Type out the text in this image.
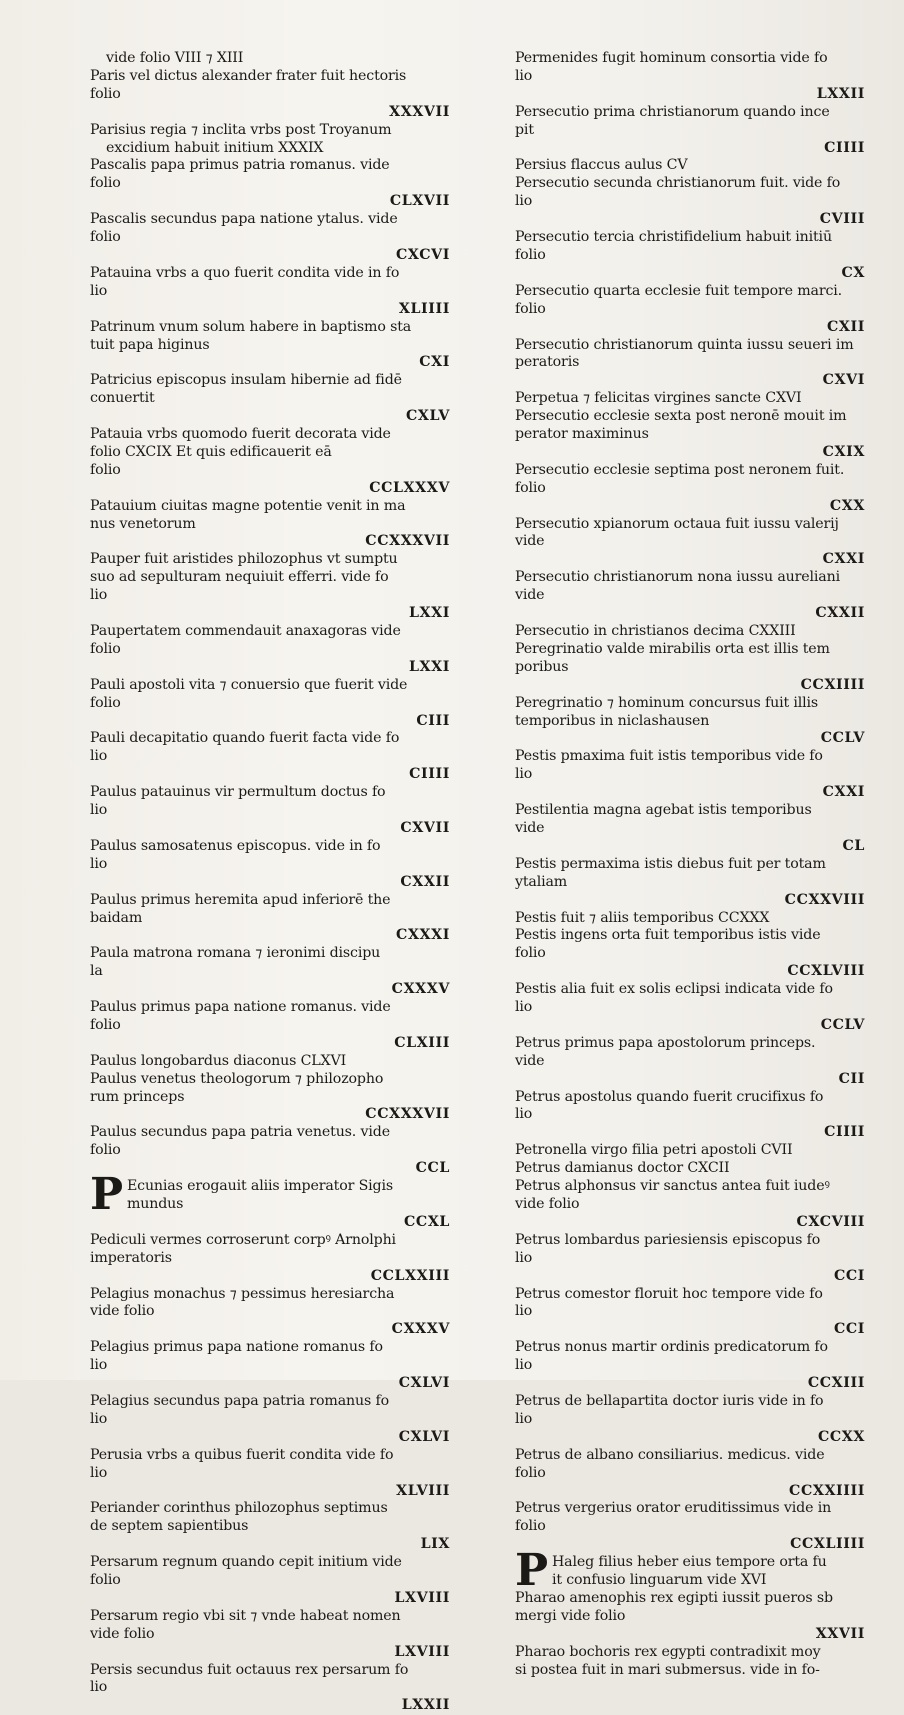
vide folio VIII ⁊ XIII
Paris vel dictus alexander frater fuit hectoris
folio
XXXVII
Parisius regia ⁊ inclita vrbs post Troyanum
excidium habuit initium XXXIX
Pascalis papa primus patria romanus. vide
folio
CLXVII
Pascalis secundus papa natione ytalus. vide
folio
CXCVI
Patauina vrbs a quo fuerit condita vide in fo
lio
XLIIII
Patrinum vnum solum habere in baptismo sta
tuit papa higinus
CXI
Patricius episcopus insulam hibernie ad fidē
conuertit
CXLV
Patauia vrbs quomodo fuerit decorata vide
folio CXCIX Et quis edificauerit eā
folio
CCLXXXV
Patauium ciuitas magne potentie venit in ma
nus venetorum
CCXXXVII
Pauper fuit aristides philozophus vt sumptu
suo ad sepulturam nequiuit efferri. vide fo
lio
LXXI
Paupertatem commendauit anaxagoras vide
folio
LXXI
Pauli apostoli vita ⁊ conuersio que fuerit vide
folio
CIII
Pauli decapitatio quando fuerit facta vide fo
lio
CIIII
Paulus patauinus vir permultum doctus fo
lio
CXVII
Paulus samosatenus episcopus. vide in fo
lio
CXXII
Paulus primus heremita apud inferiorē the
baidam
CXXXI
Paula matrona romana ⁊ ieronimi discipu
la
CXXXV
Paulus primus papa natione romanus. vide
folio
CLXIII
Paulus longobardus diaconus CLXVI
Paulus venetus theologorum ⁊ philozopho
rum princeps
CCXXXVII
Paulus secundus papa patria venetus. vide
folio
CCL
P Ecunias erogauit aliis imperator Sigis
mundus
CCXL
Pediculi vermes corroserunt corpꝰ Arnolphi
imperatoris
CCLXXIII
Pelagius monachus ⁊ pessimus heresiarcha
vide folio
CXXXV
Pelagius primus papa natione romanus fo
lio
CXLVI
Pelagius secundus papa patria romanus fo
lio
CXLVI
Perusia vrbs a quibus fuerit condita vide fo
lio
XLVIII
Periander corinthus philozophus septimus
de septem sapientibus
LIX
Persarum regnum quando cepit initium vide
folio
LXVIII
Persarum regio vbi sit ⁊ vnde habeat nomen
vide folio
LXVIII
Persis secundus fuit octauus rex persarum fo
lio
LXXII
Permenides fugit hominum consortia vide fo
lio
LXXII
Persecutio prima christianorum quando ince
pit
CIIII
Persius flaccus aulus CV
Persecutio secunda christianorum fuit. vide fo
lio
CVIII
Persecutio tercia christifidelium habuit initiū
folio
CX
Persecutio quarta ecclesie fuit tempore marci.
folio
CXII
Persecutio christianorum quinta iussu seueri im
peratoris
CXVI
Perpetua ⁊ felicitas virgines sancte CXVI
Persecutio ecclesie sexta post neronē mouit im
perator maximinus
CXIX
Persecutio ecclesie septima post neronem fuit.
folio
CXX
Persecutio xpianorum octaua fuit iussu valerij
vide
CXXI
Persecutio christianorum nona iussu aureliani
vide
CXXII
Persecutio in christianos decima CXXIII
Peregrinatio valde mirabilis orta est illis tem
poribus
CCXIIII
Peregrinatio ⁊ hominum concursus fuit illis
temporibus in niclashausen
CCLV
Pestis pmaxima fuit istis temporibus vide fo
lio
CXXI
Pestilentia magna agebat istis temporibus
vide
CL
Pestis permaxima istis diebus fuit per totam
ytaliam
CCXXVIII
Pestis fuit ⁊ aliis temporibus CCXXX
Pestis ingens orta fuit temporibus istis vide
folio
CCXLVIII
Pestis alia fuit ex solis eclipsi indicata vide fo
lio
CCLV
Petrus primus papa apostolorum princeps.
vide
CII
Petrus apostolus quando fuerit crucifixus fo
lio
CIIII
Petronella virgo filia petri apostoli CVII
Petrus damianus doctor CXCII
Petrus alphonsus vir sanctus antea fuit iudeꝰ
vide folio
CXCVIII
Petrus lombardus pariesiensis episcopus fo
lio
CCI
Petrus comestor floruit hoc tempore vide fo
lio
CCI
Petrus nonus martir ordinis predicatorum fo
lio
CCXIII
Petrus de bellapartita doctor iuris vide in fo
lio
CCXX
Petrus de albano consiliarius. medicus. vide
folio
CCXXIIII
Petrus vergerius orator eruditissimus vide in
folio
CCXLIIII
P Haleg filius heber eius tempore orta fu
it confusio linguarum vide XVI
Pharao amenophis rex egipti iussit pueros sb
mergi vide folio
XXVII
Pharao bochoris rex egypti contradixit moy
si postea fuit in mari submersus. vide in fo-
